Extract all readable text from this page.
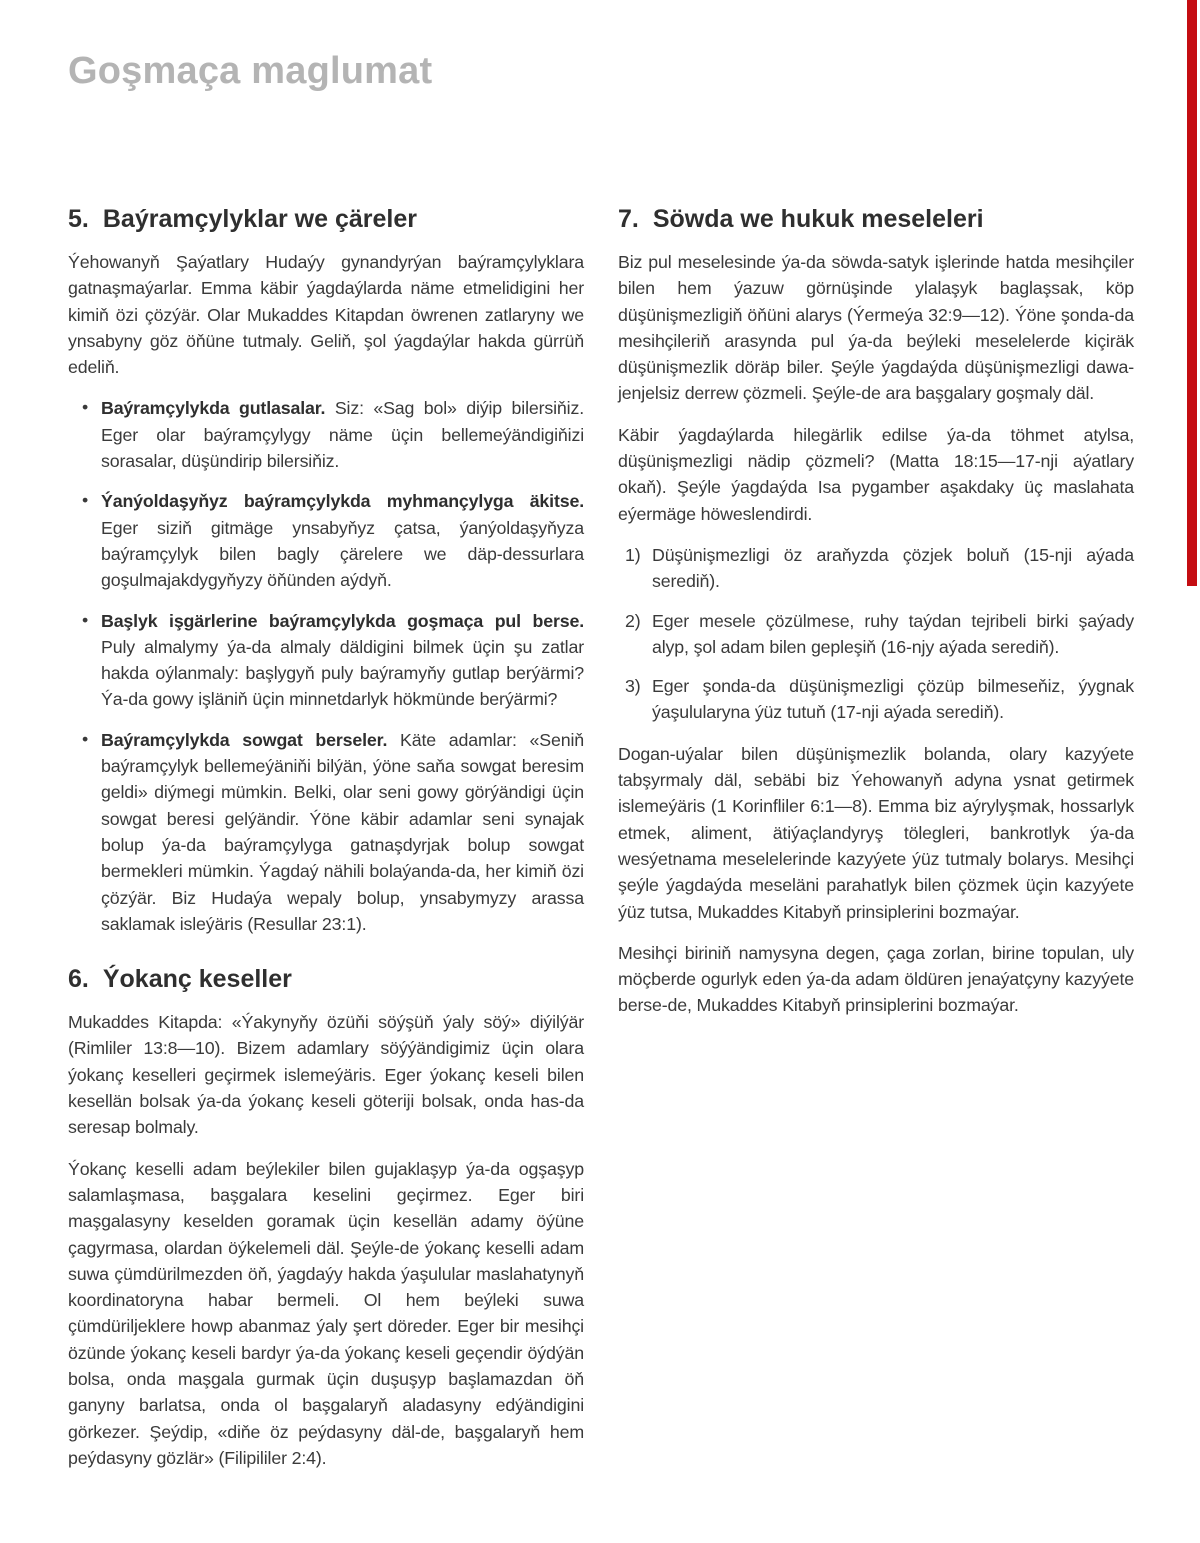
Goşmaça maglumat
5. Baýramçylyklar we çäreler

Ýehowanyň Şaýatlary Hudaýy gynandyrýan baýramçylyklara gatnaşmaýarlar. Emma käbir ýagdaýlarda näme etmelidigini her kimiň özi çözýär. Olar Mukaddes Kitapdan öwrenen zatlaryny we ynsabyny göz öňüne tutmaly. Geliň, şol ýagdaýlar hakda gürrüň edeliň.

• Baýramçylykda gutlasalar. Siz: «Sag bol» diýip bilersiňiz. Eger olar baýramçylygy näme üçin bellemeýändigiňizi sorasalar, düşündirip bilersiňiz.
• Ýanýoldaşyňyz baýramçylykda myhmançylyga äkitse. Eger siziň gitmäge ynsabyňyz çatsa, ýanýoldaşyňyza baýramçylyk bilen bagly çärelere we däp-dessurlara goşulmajakdygyňyzy öňünden aýdyň.
• Başlyk işgärlerine baýramçylykda goşmaça pul berse. Puly almalymy ýa-da almaly däldigini bilmek üçin şu zatlar hakda oýlanmaly: başlygyň puly baýramyňy gutlap berýärmi? Ýa-da gowy işläniň üçin minnetdarlyk hökmünde berýärmi?
• Baýramçylykda sowgat berseler. Käte adamlar: «Seniň baýramçylyk bellemeýäniňi bilýän, ýöne saňa sowgat beresim geldi» diýmegi mümkin. Belki, olar seni gowy görýändigi üçin sowgat beresi gelýändir. Ýöne käbir adamlar seni synajak bolup ýa-da baýramçylyga gatnaşdyrjak bolup sowgat bermekleri mümkin. Ýagdaý nähili bolaýanda-da, her kimiň özi çözýär. Biz Hudaýa wepaly bolup, ynsabymyzy arassa saklamak isleýäris (Resullar 23:1).
6. Ýokanç keseller

Mukaddes Kitapda: «Ýakynyňy özüňi söýşüň ýaly söý» diýilýär (Rimliler 13:8—10). Bizem adamlary söýýändigimiz üçin olara ýokanç keselleri geçirmek islemeýäris. Eger ýokanç keseli bilen kesellän bolsak ýa-da ýokanç keseli göteriji bolsak, onda has-da seresap bolmaly.

Ýokanç keselli adam beýlekiler bilen gujaklaşyp ýa-da ogşaşyp salamlaşmasa, başgalara keselini geçirmez. Eger biri maşgalasyny keselden goramak üçin kesellän adamy öýüne çagyrmasa, olardan öýkelemeli däl. Şeýle-de ýokanç keselli adam suwa çümdürilmezden öň, ýagdaýy hakda ýaşulular maslahatynyň koordinatoryna habar bermeli. Ol hem beýleki suwa çümdüriljeklere howp abanmaz ýaly şert döreder. Eger bir mesihçi özünde ýokanç keseli bardyr ýa-da ýokanç keseli geçendir öýdýän bolsa, onda maşgala gurmak üçin duşuşyp başlamazdan öň ganyny barlatsa, onda ol başgalaryň aladasyny edýändigini görkezer. Şeýdip, «diňe öz peýdasyny däl-de, başgalaryň hem peýdasyny gözlär» (Filipililer 2:4).

7. Söwda we hukuk meseleleri

Biz pul meselesinde ýa-da söwda-satyk işlerinde hatda mesihçiler bilen hem ýazuw görnüşinde ylalaşyk baglaşsak, köp düşünişmezligiň öňüni alarys (Ýermeýa 32:9—12). Ýöne şonda-da mesihçileriň arasynda pul ýa-da beýleki meselelerde kiçiräk düşünişmezlik döräp biler. Şeýle ýagdaýda düşünişmezligi dawa-jenjelsiz derrew çözmeli. Şeýle-de ara başgalary goşmaly däl.

Käbir ýagdaýlarda hilegärlik edilse ýa-da töhmet atylsa, düşünişmezligi nädip çözmeli? (Matta 18:15—17-nji aýatlary okaň). Şeýle ýagdaýda Isa pygamber aşakdaky üç maslahata eýermäge höweslendirdi.

1) Düşünişmezligi öz araňyzda çözjek boluň (15-nji aýada serediň).
2) Eger mesele çözülmese, ruhy taýdan tejribeli birki şaýady alyp, şol adam bilen gepleşiň (16-njy aýada serediň).
3) Eger şonda-da düşünişmezligi çözüp bilmeseňiz, ýygnak ýaşulularyna ýüz tutuň (17-nji aýada serediň).

Dogan-uýalar bilen düşünişmezlik bolanda, olary kazyýete tabşyrmaly däl, sebäbi biz Ýehowanyň adyna ysnat getirmek islemeýäris (1 Korinfliler 6:1—8). Emma biz aýrylyşmak, hossarlyk etmek, aliment, ätiýaçlandyryş tölegleri, bankrotlyk ýa-da wesýetnama meselelerinde kazyýete ýüz tutmaly bolarys. Mesihçi şeýle ýagdaýda meseläni parahatlyk bilen çözmek üçin kazyýete ýüz tutsa, Mukaddes Kitabyň prinsiplerini bozmaýar.

Mesihçi biriniň namysyna degen, çaga zorlan, birine topulan, uly möçberde ogurlyk eden ýa-da adam öldüren jenaýatçyny kazyýete berse-de, Mukaddes Kitabyň prinsiplerini bozmaýar.
